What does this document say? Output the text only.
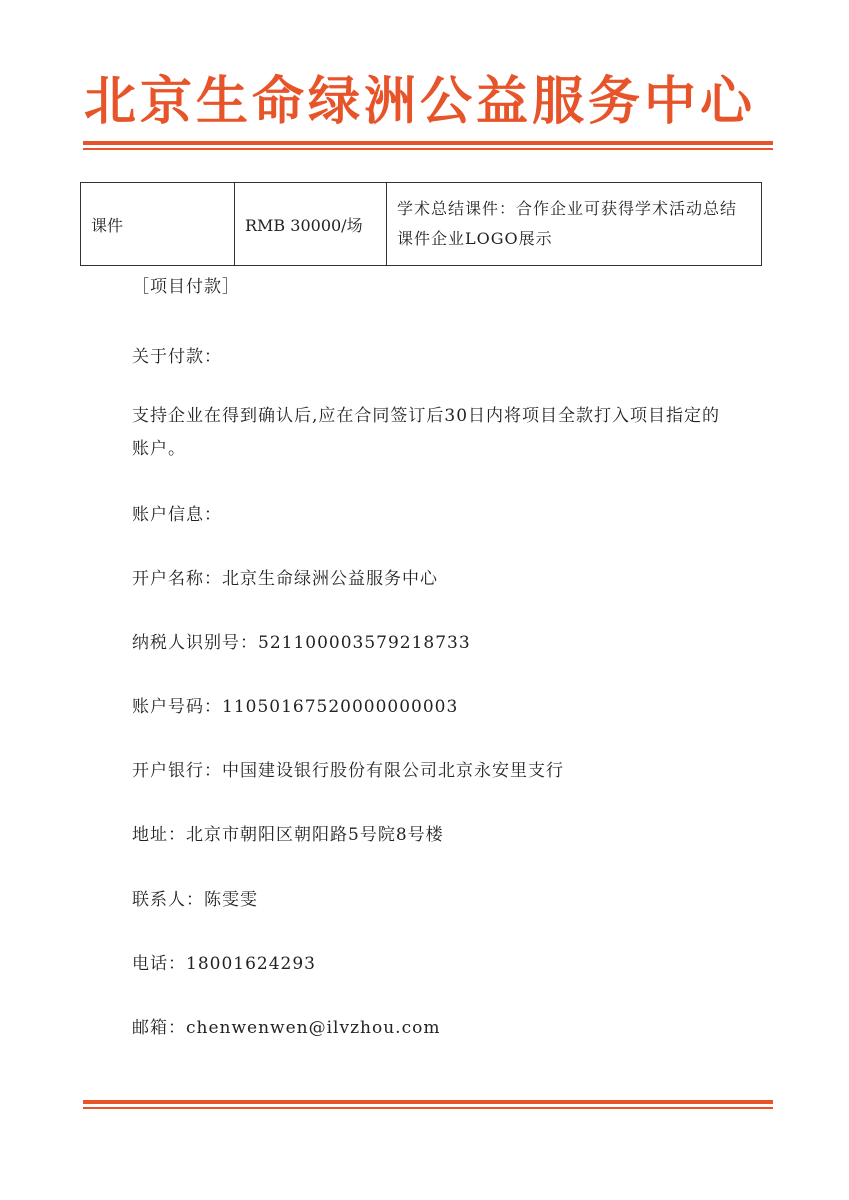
北京生命绿洲公益服务中心
课件	RMB 30000/场	学术总结课件：合作企业可获得学术活动总结课件企业LOGO展示
［项目付款］
关于付款：
支持企业在得到确认后,应在合同签订后30日内将项目全款打入项目指定的账户。
账户信息：
开户名称：北京生命绿洲公益服务中心
纳税人识别号：521100003579218733
账户号码：11050167520000000003
开户银行：中国建设银行股份有限公司北京永安里支行
地址：北京市朝阳区朝阳路5号院8号楼
联系人：陈雯雯
电话：18001624293
邮箱：chenwenwen@ilvzhou.com
